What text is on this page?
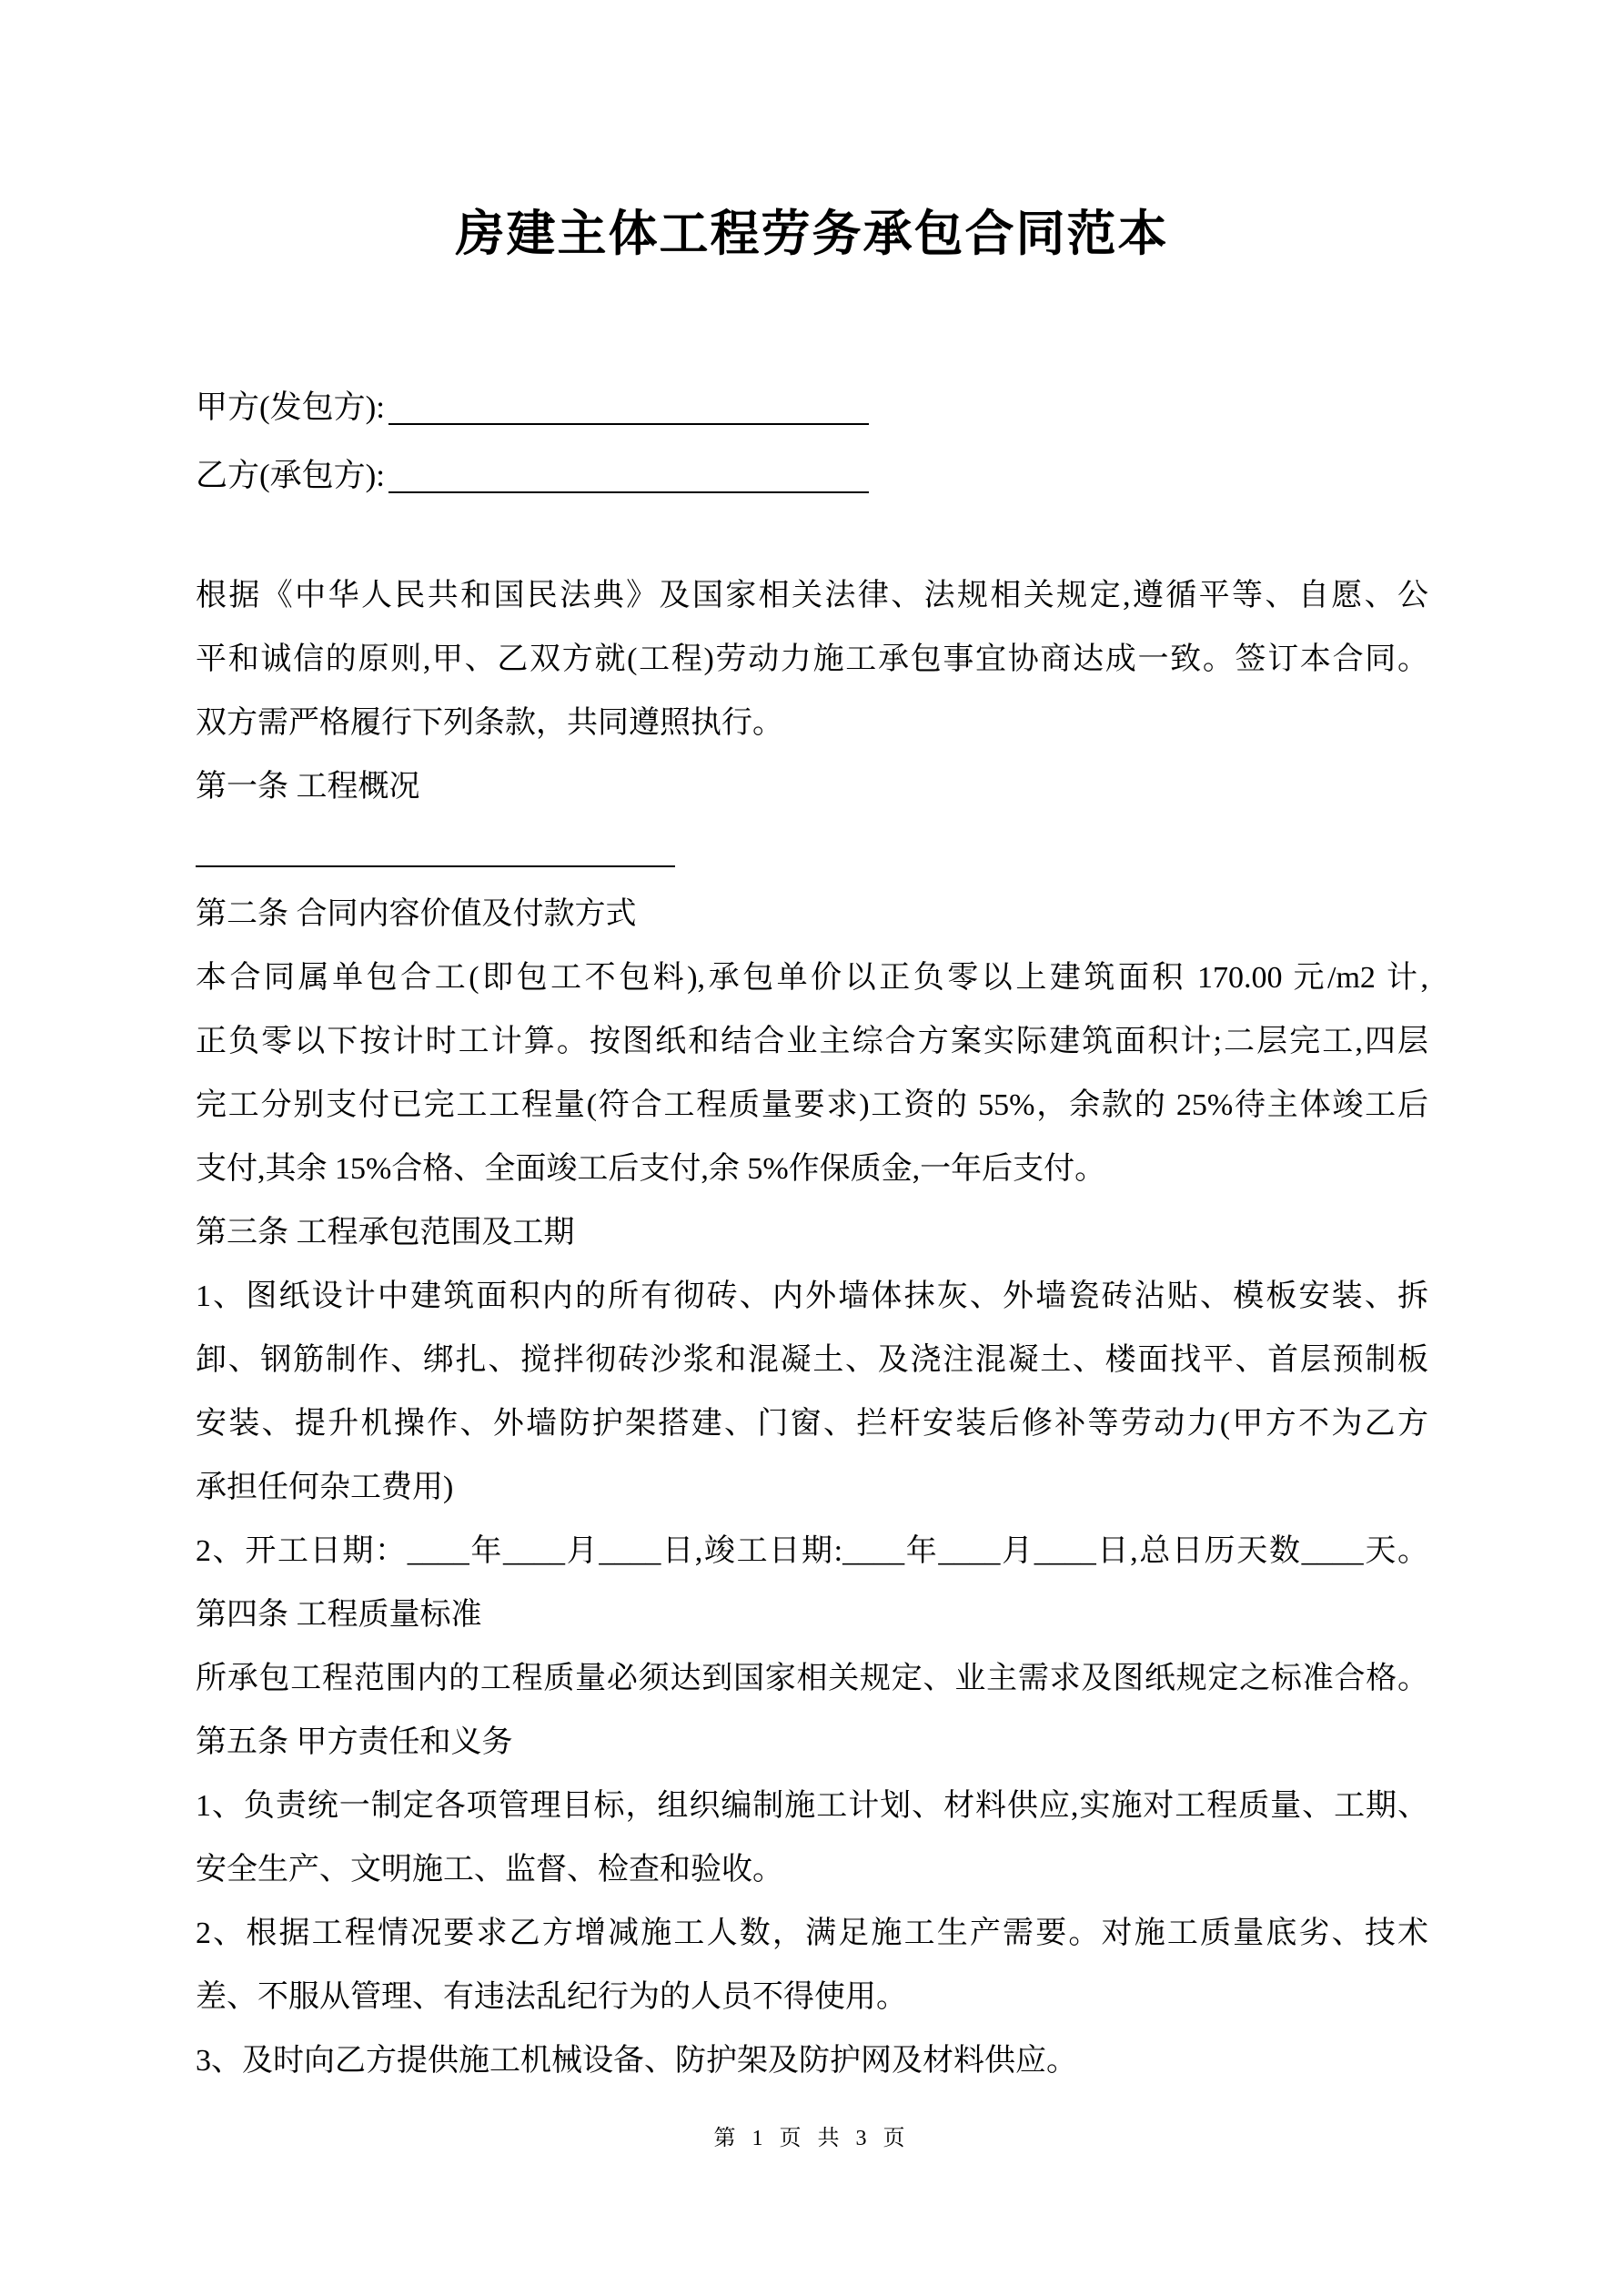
房建主体工程劳务承包合同范本
甲方(发包方):
乙方(承包方):
根据《中华人民共和国民法典》及国家相关法律、法规相关规定,遵循平等、自愿、公
平和诚信的原则,甲、乙双方就(工程)劳动力施工承包事宜协商达成一致。签订本合同。
双方需严格履行下列条款，共同遵照执行。
第一条 工程概况
第二条 合同内容价值及付款方式
本合同属单包合工(即包工不包料),承包单价以正负零以上建筑面积 170.00 元/m2 计,
正负零以下按计时工计算。按图纸和结合业主综合方案实际建筑面积计;二层完工,四层
完工分别支付已完工工程量(符合工程质量要求)工资的 55%，余款的 25%待主体竣工后
支付,其余 15%合格、全面竣工后支付,余 5%作保质金,一年后支付。
第三条 工程承包范围及工期
1、图纸设计中建筑面积内的所有彻砖、内外墙体抹灰、外墙瓷砖沾贴、模板安装、拆
卸、钢筋制作、绑扎、搅拌彻砖沙浆和混凝土、及浇注混凝土、楼面找平、首层预制板
安装、提升机操作、外墙防护架搭建、门窗、拦杆安装后修补等劳动力(甲方不为乙方
承担任何杂工费用)
2、开工日期：____年____月____日,竣工日期:____年____月____日,总日历天数____天。
第四条 工程质量标准
所承包工程范围内的工程质量必须达到国家相关规定、业主需求及图纸规定之标准合格。
第五条 甲方责任和义务
1、负责统一制定各项管理目标，组织编制施工计划、材料供应,实施对工程质量、工期、
安全生产、文明施工、监督、检查和验收。
2、根据工程情况要求乙方增减施工人数，满足施工生产需要。对施工质量底劣、技术
差、不服从管理、有违法乱纪行为的人员不得使用。
3、及时向乙方提供施工机械设备、防护架及防护网及材料供应。
第 1 页 共 3 页
